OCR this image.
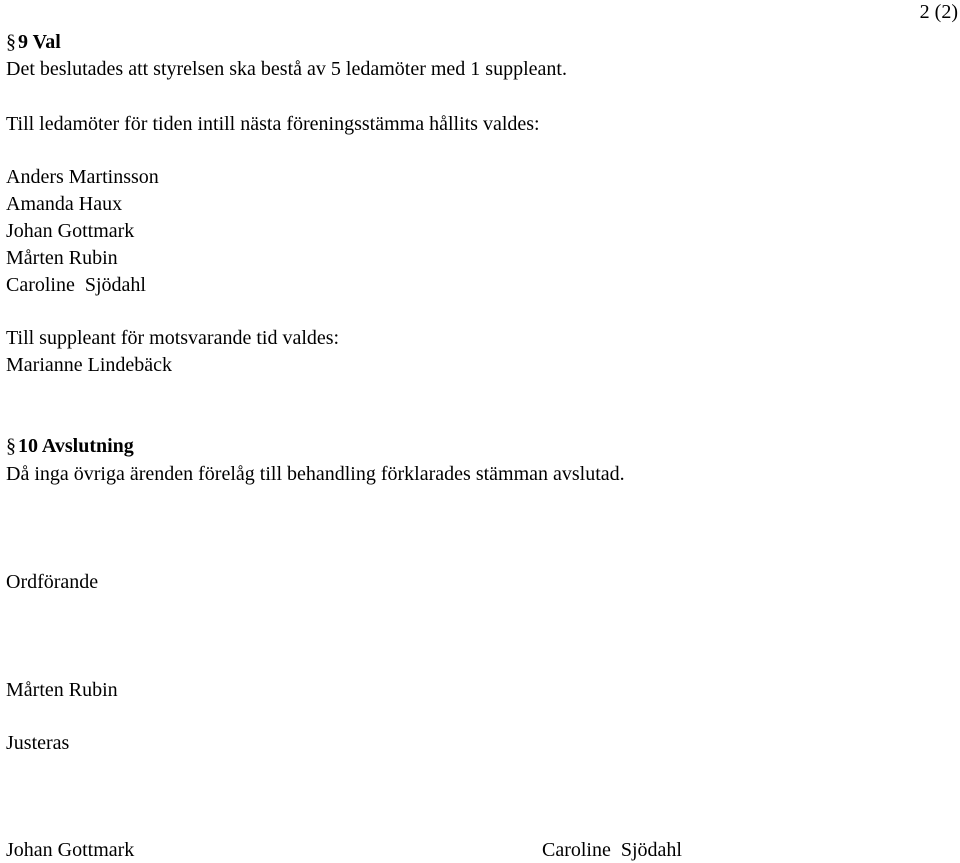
2 (2)
§ 9 Val
Det beslutades att styrelsen ska bestå av 5 ledamöter med 1 suppleant.
Till ledamöter för tiden intill nästa föreningsstämma hållits valdes:
Anders Martinsson
Amanda Haux
Johan Gottmark
Mårten Rubin
Caroline  Sjödahl
Till suppleant för motsvarande tid valdes:
Marianne Lindebäck
§ 10 Avslutning
Då inga övriga ärenden förelåg till behandling förklarades stämman avslutad.
Ordförande
Mårten Rubin
Justeras
Johan Gottmark	Caroline  Sjödahl
